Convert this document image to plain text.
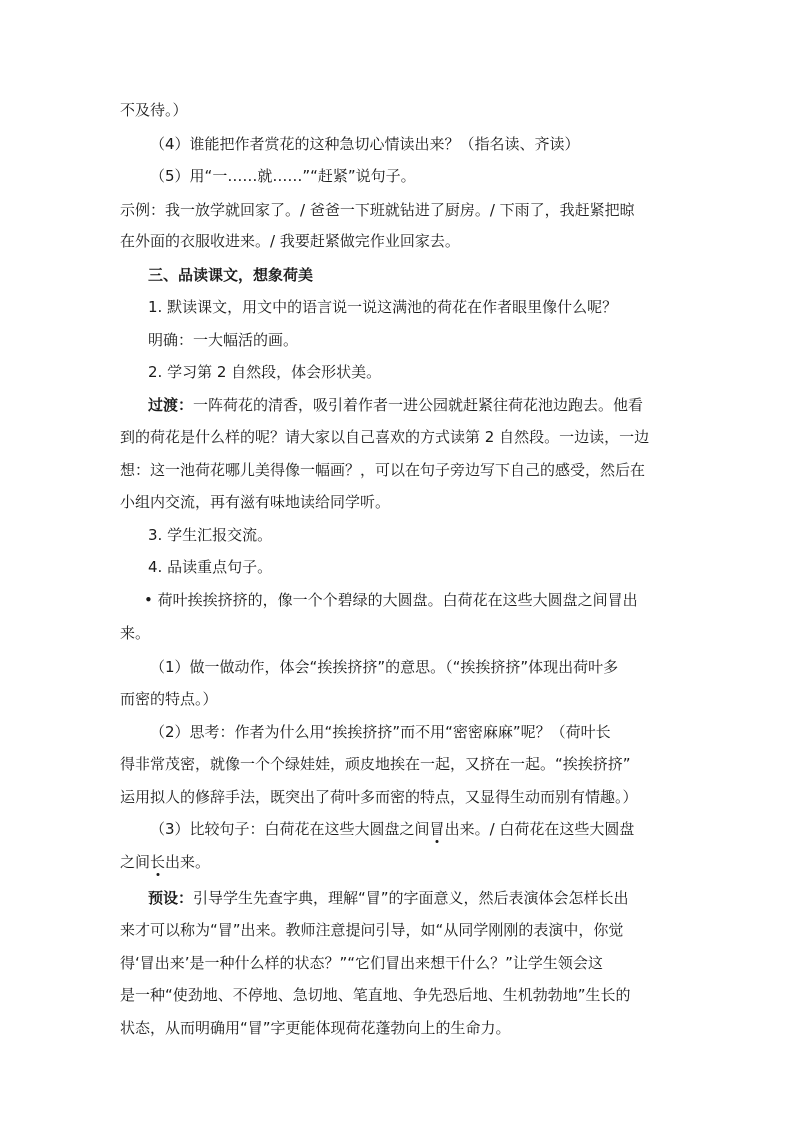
不及待。）
（4）谁能把作者赏花的这种急切心情读出来？（指名读、齐读）
（5）用“一……就……”“赶紧”说句子。
示例：我一放学就回家了。/ 爸爸一下班就钻进了厨房。/ 下雨了，我赶紧把晾
在外面的衣服收进来。/ 我要赶紧做完作业回家去。
三、品读课文，想象荷美
1. 默读课文，用文中的语言说一说这满池的荷花在作者眼里像什么呢？
明确：一大幅活的画。
2. 学习第 2 自然段，体会形状美。
过渡：一阵荷花的清香，吸引着作者一进公园就赶紧往荷花池边跑去。他看
到的荷花是什么样的呢？请大家以自己喜欢的方式读第 2 自然段。一边读，一边
想：这一池荷花哪儿美得像一幅画？，可以在句子旁边写下自己的感受，然后在
小组内交流，再有滋有味地读给同学听。
3. 学生汇报交流。
4. 品读重点句子。
• 荷叶挨挨挤挤的，像一个个碧绿的大圆盘。白荷花在这些大圆盘之间冒出
来。
（1）做一做动作，体会“挨挨挤挤”的意思。（“挨挨挤挤”体现出荷叶多
而密的特点。）
（2）思考：作者为什么用“挨挨挤挤”而不用“密密麻麻”呢？（荷叶长
得非常茂密，就像一个个绿娃娃，顽皮地挨在一起，又挤在一起。“挨挨挤挤”
运用拟人的修辞手法，既突出了荷叶多而密的特点，又显得生动而别有情趣。）
（3）比较句子：白荷花在这些大圆盘之间冒出来。/ 白荷花在这些大圆盘
之间长出来。
预设：引导学生先查字典，理解“冒”的字面意义，然后表演体会怎样长出
来才可以称为“冒”出来。教师注意提问引导，如“从同学刚刚的表演中，你觉
得‘冒出来’是一种什么样的状态？”“它们冒出来想干什么？”让学生领会这
是一种“使劲地、不停地、急切地、笔直地、争先恐后地、生机勃勃地”生长的
状态，从而明确用“冒”字更能体现荷花蓬勃向上的生命力。
